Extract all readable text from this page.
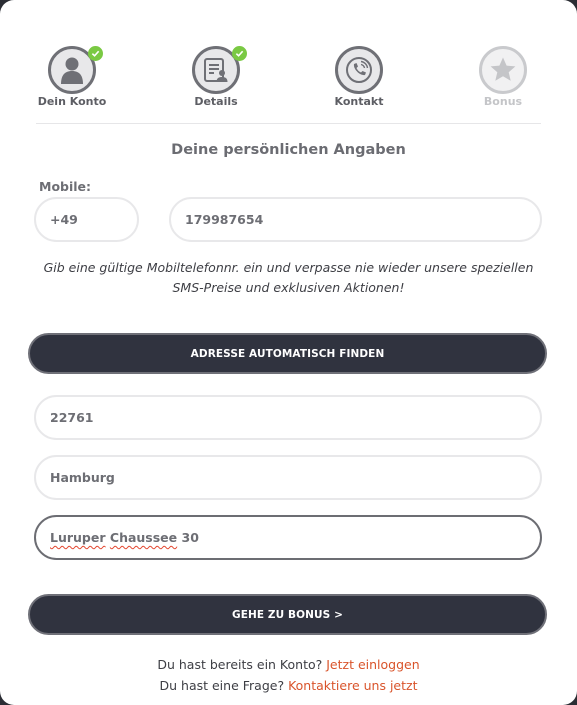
Dein Konto	Details	Kontakt	Bonus
Deine persönlichen Angaben
Mobile:
+49	179987654
Gib eine gültige Mobiltelefonnr. ein und verpasse nie wieder unsere speziellen
SMS-Preise und exklusiven Aktionen!
ADRESSE AUTOMATISCH FINDEN
22761
Hamburg
Luruper Chaussee 30
GEHE ZU BONUS >
Du hast bereits ein Konto? Jetzt einloggen
Du hast eine Frage? Kontaktiere uns jetzt
